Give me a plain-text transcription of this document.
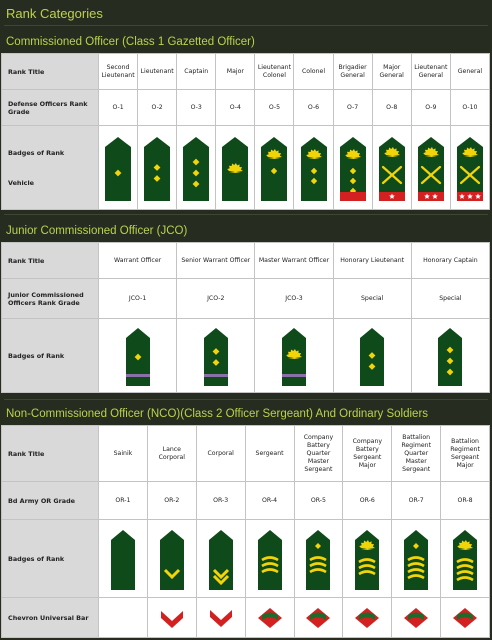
Rank Categories
Commissioned Officer (Class 1 Gazetted Officer)
Rank Title	Second Lieutenant	Lieutenant	Captain	Major	Lieutenant Colonel	Colonel	Brigadier General	Major General	Lieutenant General	General
Defense Officers Rank Grade	O-1	O-2	O-3	O-4	O-5	O-6	O-7	O-8	O-9	O-10
Badges of Rank
Vehicle

Junior Commissioned Officer (JCO)
Rank Title	Warrant Officer	Senior Warrant Officer	Master Warrant Officer	Honorary Lieutenant	Honorary Captain
Junior Commissioned Officers Rank Grade	JCO-1	JCO-2	JCO-3	Special	Special
Badges of Rank	

Non-Commissioned Officer (NCO)(Class 2 Officer Sergeant) And Ordinary Soldiers
Rank Title	Sainik	Lance Corporal	Corporal	Sergeant	Company Battery Quarter Master Sergeant	Company Battery Sergeant Major	Battalion Regiment Quarter Master Sergeant	Battalion Regiment Sergeant Major
Bd Army OR Grade	OR-1	OR-2	OR-3	OR-4	OR-5	OR-6	OR-7	OR-8
Badges of Rank	

Chevron Universal Bar	
